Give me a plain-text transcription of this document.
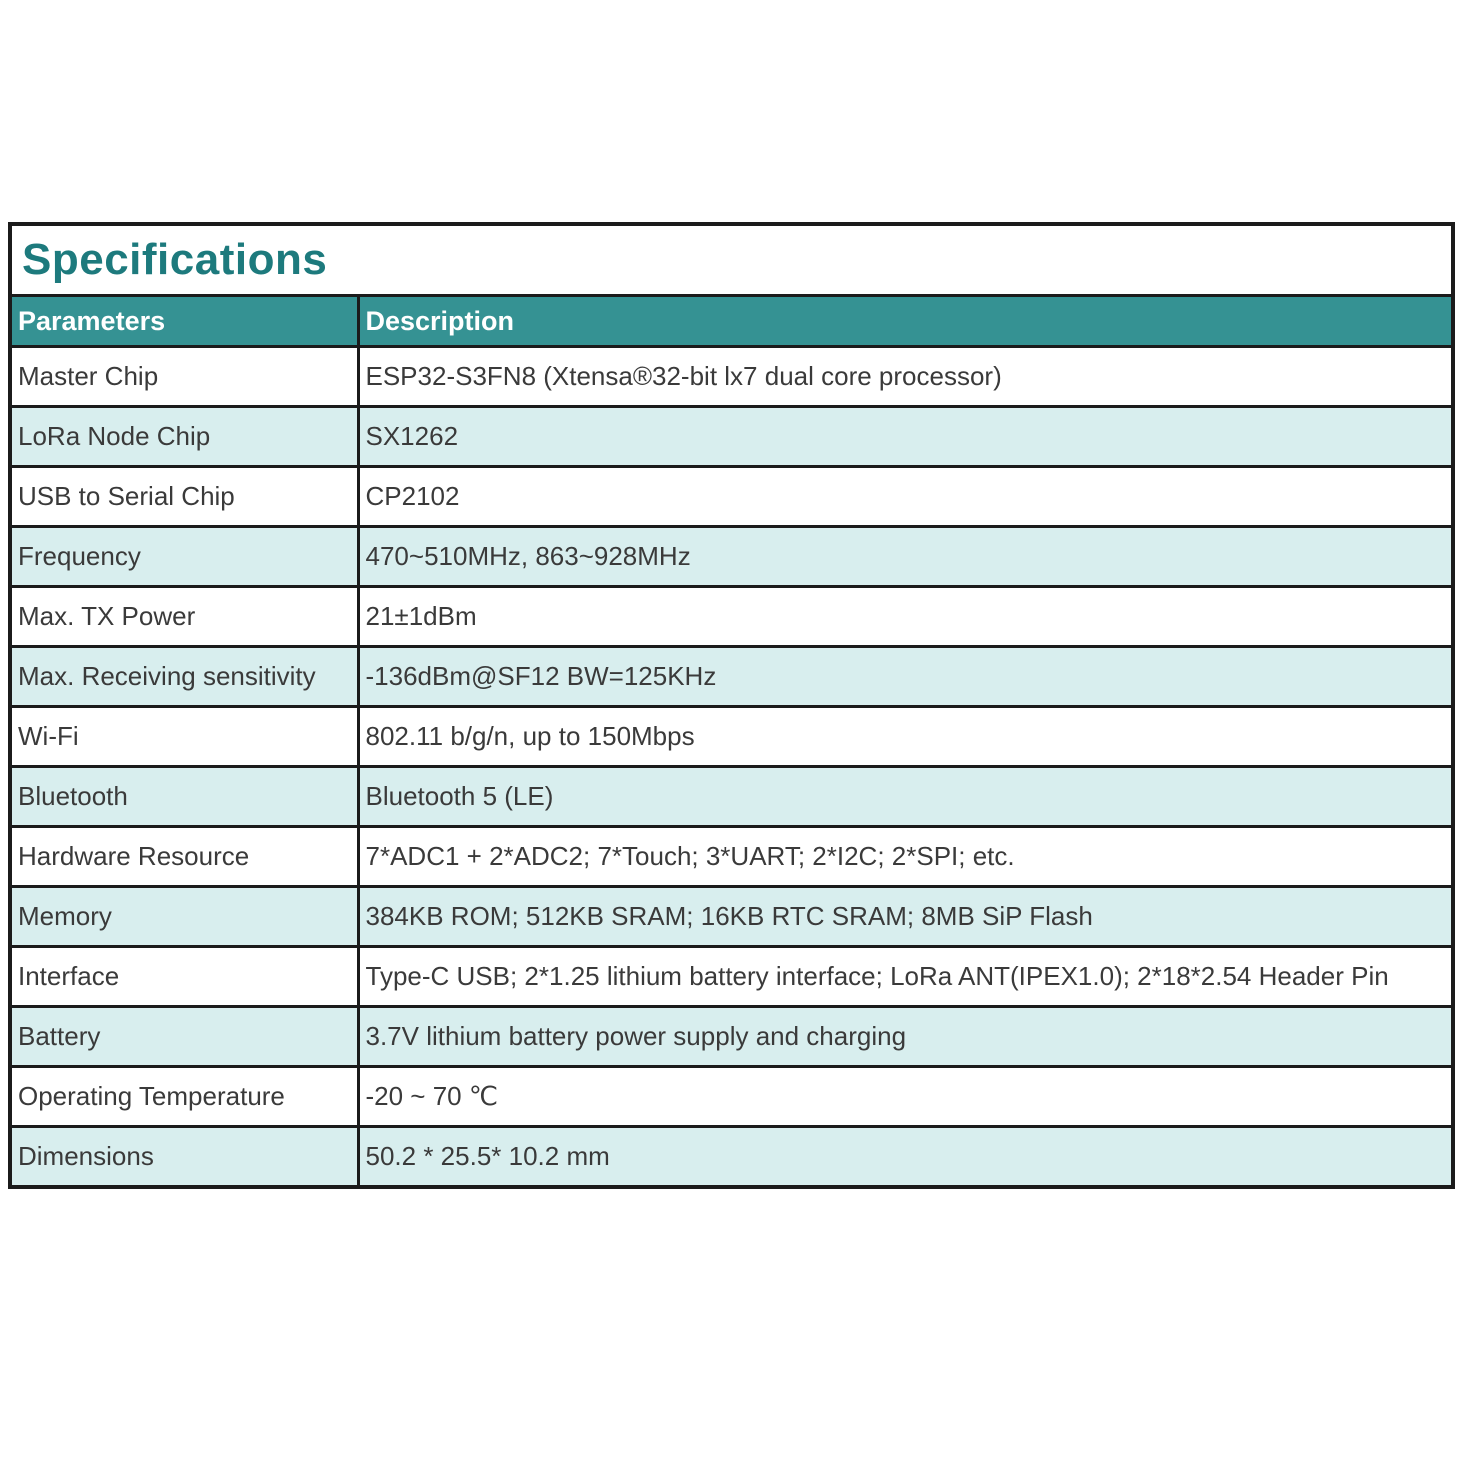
Specifications	
Parameters	Description
Master Chip	ESP32-S3FN8 (Xtensa®32-bit lx7 dual core processor)
LoRa Node Chip	SX1262
USB to Serial Chip	CP2102
Frequency	470~510MHz, 863~928MHz
Max. TX Power	21±1dBm
Max. Receiving sensitivity	-136dBm@SF12 BW=125KHz
Wi-Fi	802.11 b/g/n, up to 150Mbps
Bluetooth	Bluetooth 5 (LE)
Hardware Resource	7*ADC1 + 2*ADC2; 7*Touch; 3*UART; 2*I2C; 2*SPI; etc.
Memory	384KB ROM; 512KB SRAM; 16KB RTC SRAM; 8MB SiP Flash
Interface	Type-C USB; 2*1.25 lithium battery interface; LoRa ANT(IPEX1.0); 2*18*2.54 Header Pin
Battery	3.7V lithium battery power supply and charging
Operating Temperature	-20 ~ 70 ℃
Dimensions	50.2 * 25.5* 10.2 mm
